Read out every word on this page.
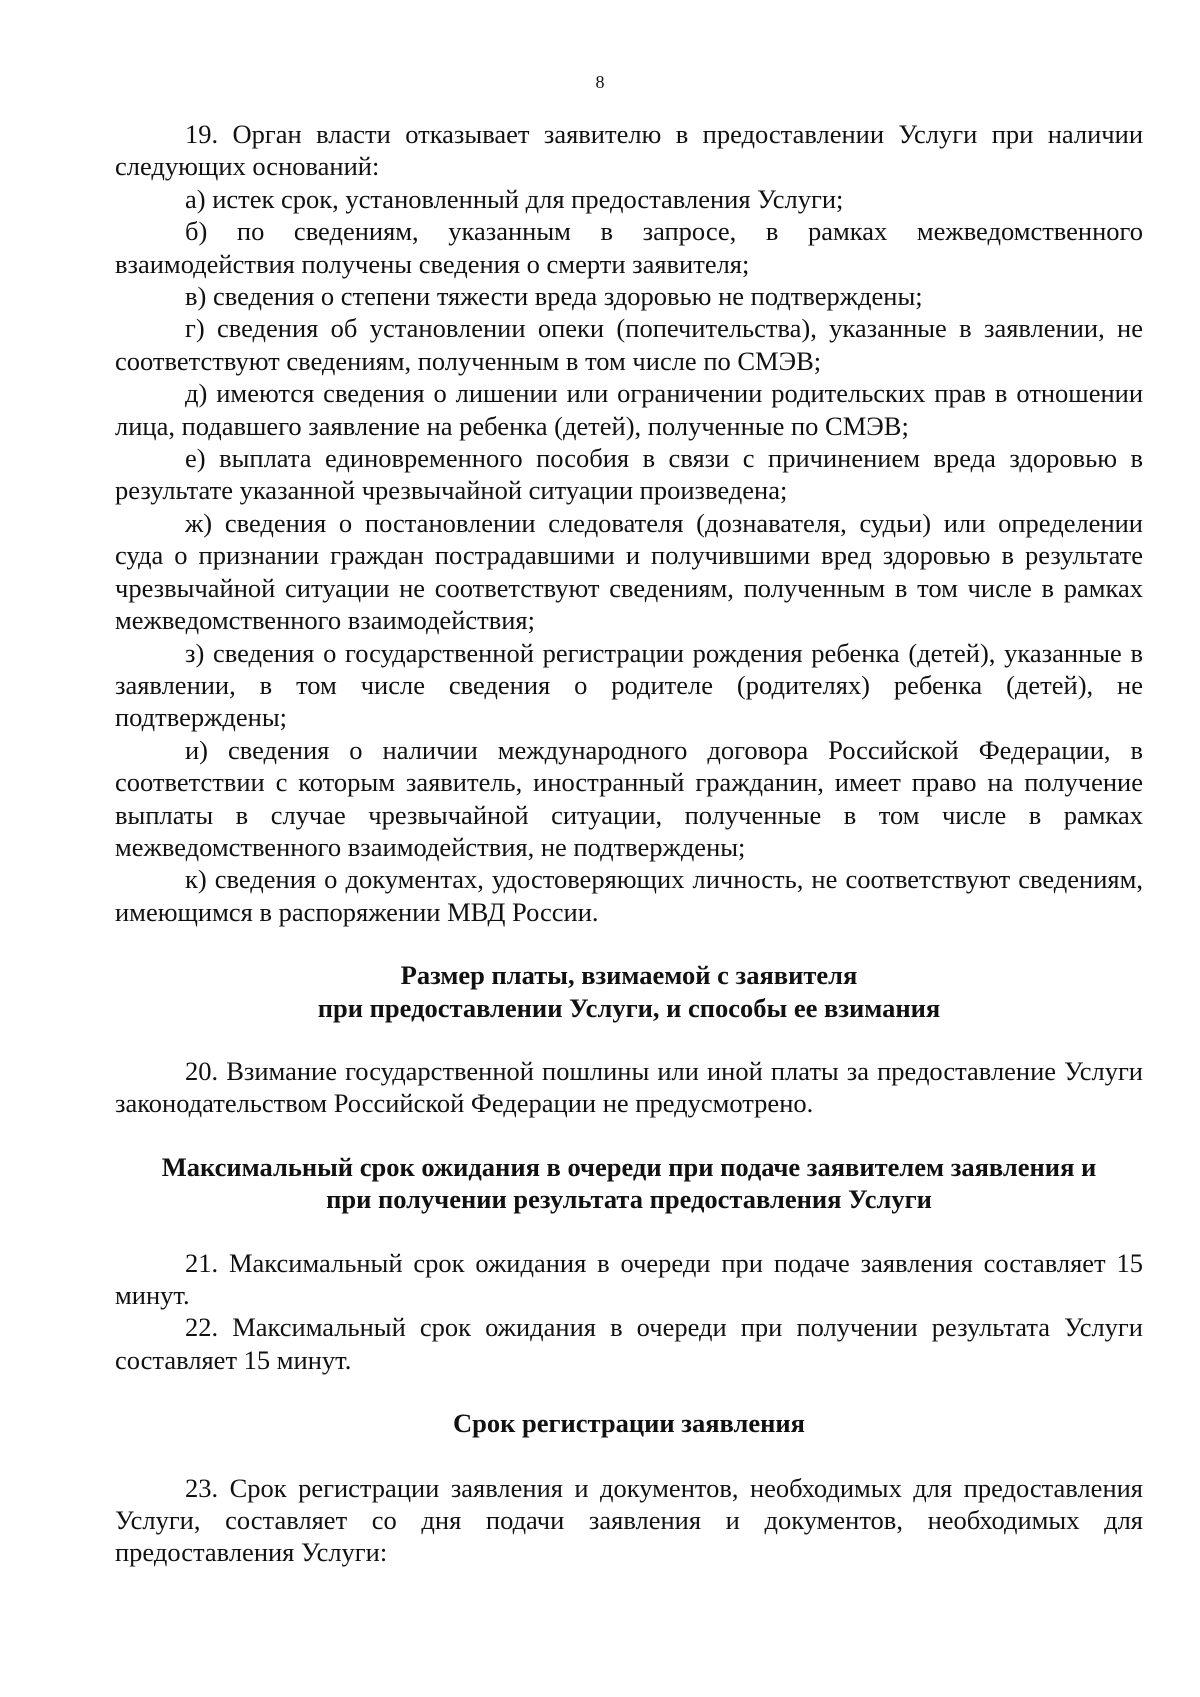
8

19. Орган власти отказывает заявителю в предоставлении Услуги при наличии следующих оснований:

а) истек срок, установленный для предоставления Услуги;

б) по сведениям, указанным в запросе, в рамках межведомственного взаимодействия получены сведения о смерти заявителя;

в) сведения о степени тяжести вреда здоровью не подтверждены;

г) сведения об установлении опеки (попечительства), указанные в заявлении, не соответствуют сведениям, полученным в том числе по СМЭВ;

д) имеются сведения о лишении или ограничении родительских прав в отношении лица, подавшего заявление на ребенка (детей), полученные по СМЭВ;

е) выплата единовременного пособия в связи с причинением вреда здоровью в результате указанной чрезвычайной ситуации произведена;

ж) сведения о постановлении следователя (дознавателя, судьи) или определении суда о признании граждан пострадавшими и получившими вред здоровью в результате чрезвычайной ситуации не соответствуют сведениям, полученным в том числе в рамках межведомственного взаимодействия;

з) сведения о государственной регистрации рождения ребенка (детей), указанные в заявлении, в том числе сведения о родителе (родителях) ребенка (детей), не подтверждены;

и) сведения о наличии международного договора Российской Федерации, в соответствии с которым заявитель, иностранный гражданин, имеет право на получение выплаты в случае чрезвычайной ситуации, полученные в том числе в рамках межведомственного взаимодействия, не подтверждены;

к) сведения о документах, удостоверяющих личность, не соответствуют сведениям, имеющимся в распоряжении МВД России.

Размер платы, взимаемой с заявителя
при предоставлении Услуги, и способы ее взимания

20. Взимание государственной пошлины или иной платы за предоставление Услуги законодательством Российской Федерации не предусмотрено.

Максимальный срок ожидания в очереди при подаче заявителем заявления и
при получении результата предоставления Услуги

21. Максимальный срок ожидания в очереди при подаче заявления составляет 15 минут.

22. Максимальный срок ожидания в очереди при получении результата Услуги составляет 15 минут.

Срок регистрации заявления

23. Срок регистрации заявления и документов, необходимых для предоставления Услуги, составляет со дня подачи заявления и документов, необходимых для предоставления Услуги:
